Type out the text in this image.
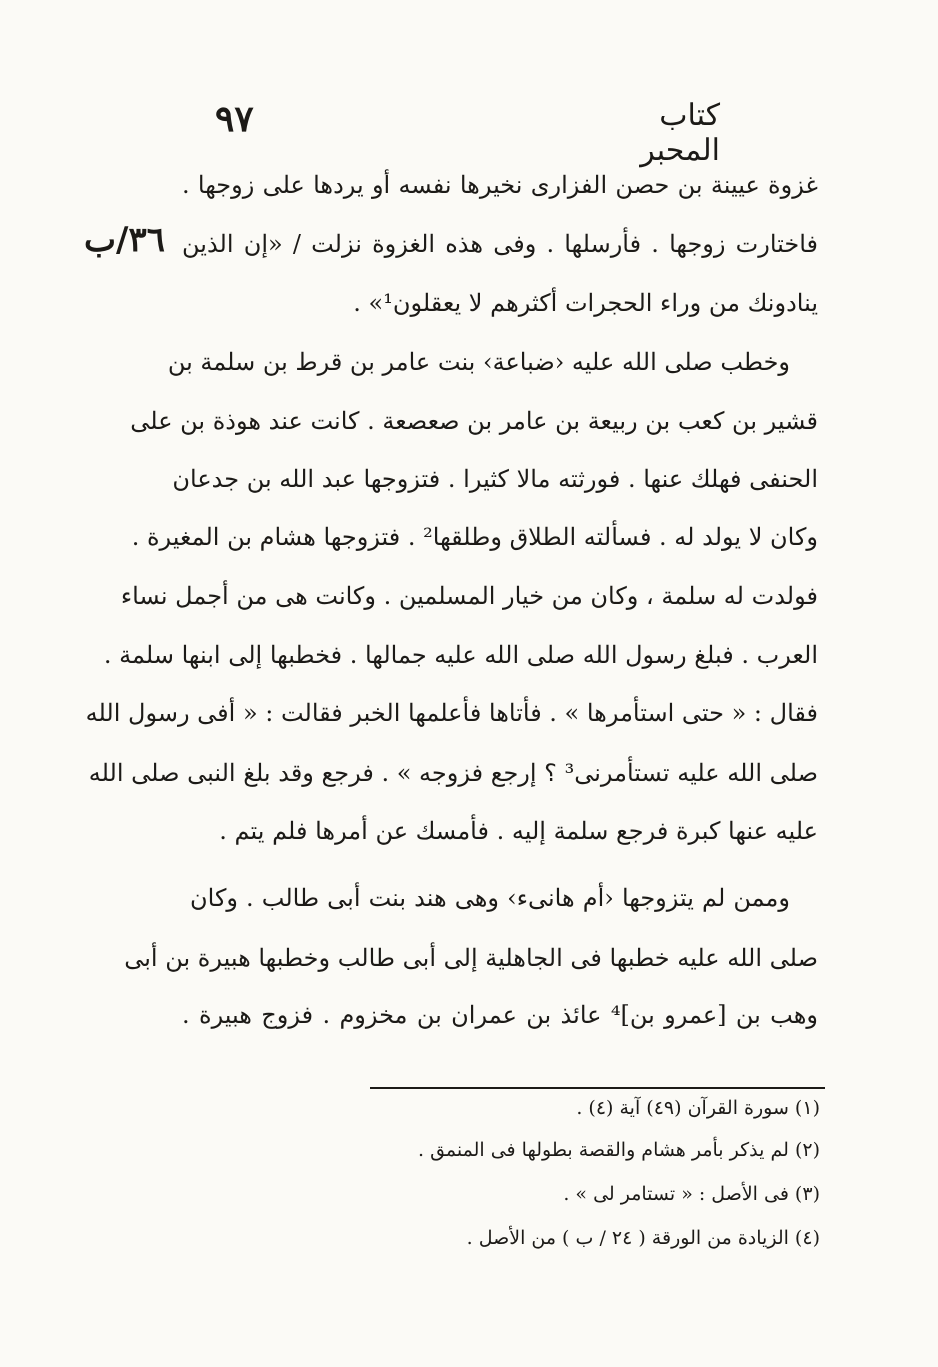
كتاب المحبر
٩٧
٣٦/ب
غزوة عيينة بن حصن الفزارى نخيرها نفسه أو يردها على زوجها .
فاختارت زوجها . فأرسلها . وفى هذه الغزوة نزلت / «إن الذين
ينادونك من وراء الحجرات أكثرهم لا يعقلون¹» .
وخطب صلى الله عليه ‹ضباعة› بنت عامر بن قرط بن سلمة بن
قشير بن كعب بن ربيعة بن عامر بن صعصعة . كانت عند هوذة بن على
الحنفى فهلك عنها . فورثته مالا كثيرا . فتزوجها عبد الله بن جدعان
وكان لا يولد له . فسألته الطلاق وطلقها² . فتزوجها هشام بن المغيرة .
فولدت له سلمة ، وكان من خيار المسلمين . وكانت هى من أجمل نساء
العرب . فبلغ رسول الله صلى الله عليه جمالها . فخطبها إلى ابنها سلمة .
فقال : « حتى استأمرها » . فأتاها فأعلمها الخبر فقالت : « أفى رسول الله
صلى الله عليه تستأمرنى³ ؟ إرجع فزوجه » . فرجع وقد بلغ النبى صلى الله
عليه عنها كبرة فرجع سلمة إليه . فأمسك عن أمرها فلم يتم .
وممن لم يتزوجها ‹أم هانىء› وهى هند بنت أبى طالب . وكان
صلى الله عليه خطبها فى الجاهلية إلى أبى طالب وخطبها هبيرة بن أبى
وهب بن [عمرو بن]⁴ عائذ بن عمران بن مخزوم . فزوج هبيرة .
(١) سورة القرآن (٤٩) آية (٤) .
(٢) لم يذكر بأمر هشام والقصة بطولها فى المنمق .
(٣) فى الأصل : « تستامر لى » .
(٤) الزيادة من الورقة ( ٢٤ / ب ) من الأصل .
